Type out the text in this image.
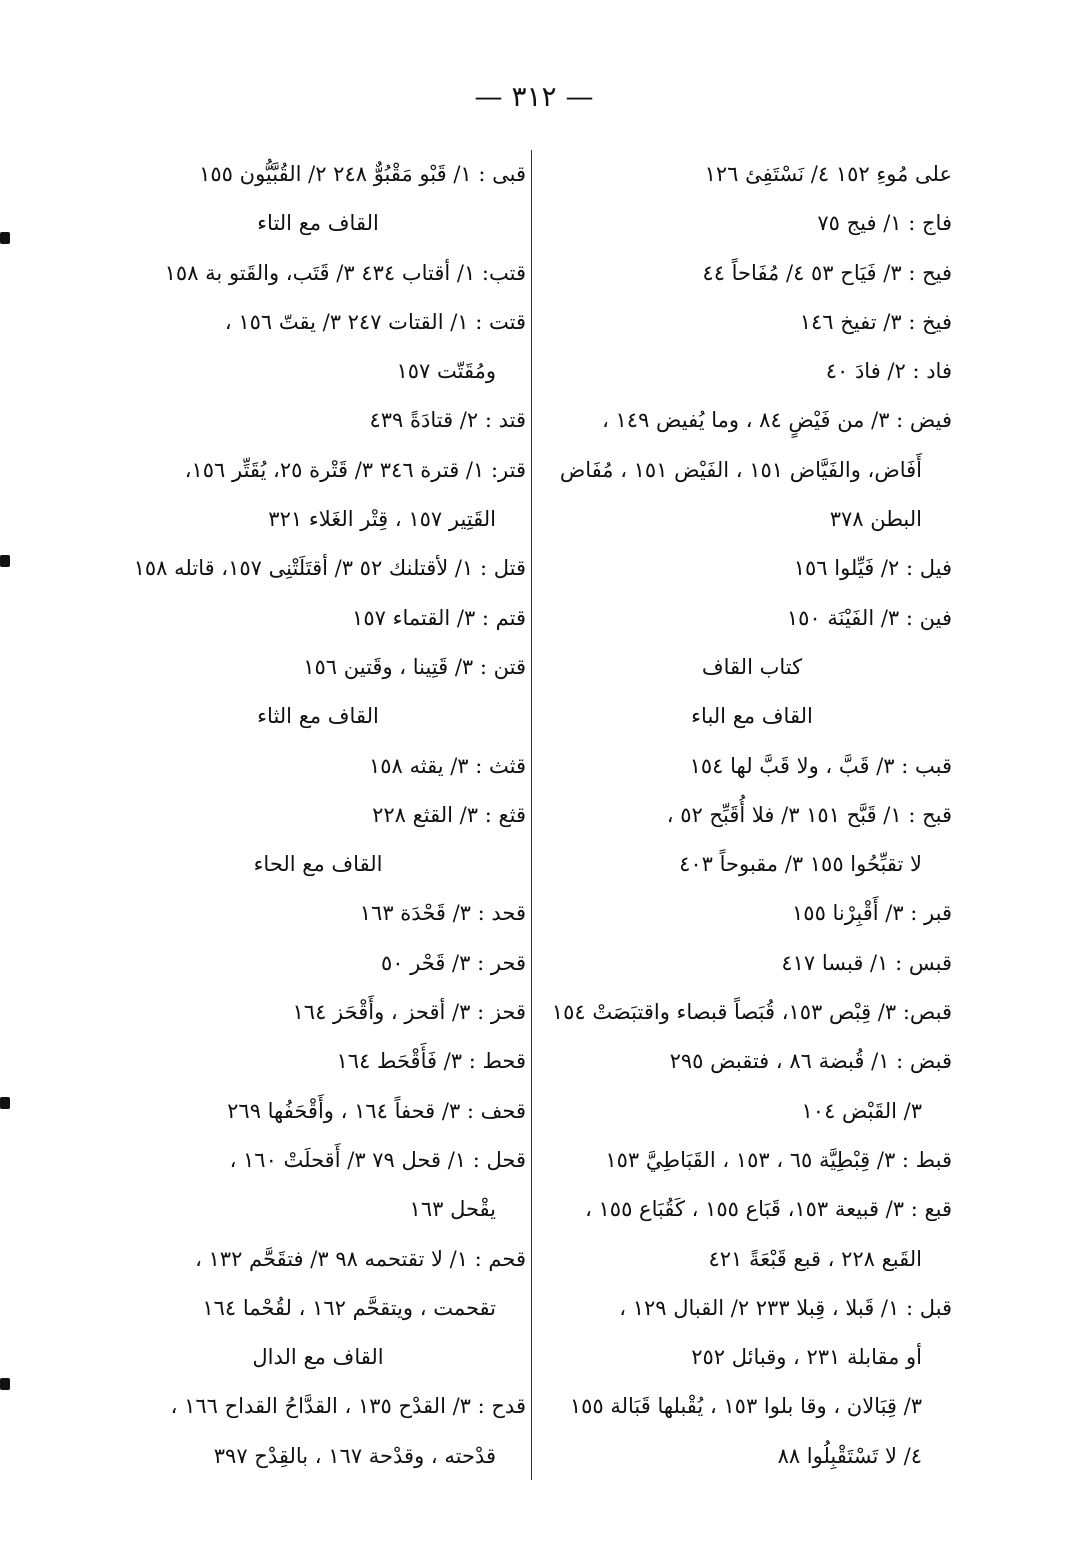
— ٣١٢ —
على مُوءِ ١٥٢ ٤/ نَسْتَفِئ ١٢٦
فاج : ١/ فيج ٧٥
فيح : ٣/ فَيَاح ٥٣ ٤/ مُفَاحاً ٤٤
فيخ : ٣/ تفيخ ١٤٦
فاد : ٢/ فادَ ٤٠
فيض : ٣/ من فَيْضٍ ٨٤ ، وما يُفيض ١٤٩ ،
أَفَاض، والفَيَّاض ١٥١ ، الفَيْض ١٥١ ، مُفَاض
البطن ٣٧٨
فيل : ٢/ فَيِّلوا ١٥٦
فين : ٣/ الفَيْنَة ١٥٠
كتاب القاف
القاف مع الباء
قبب : ٣/ قَبَّ ، ولا قَبَّ لها ١٥٤
قبح : ١/ قَبَّح ١٥١ ٣/ فلا أُقَبِّح ٥٢ ،
لا تقبِّحُوا ١٥٥ ٣/ مقبوحاً ٤٠٣
قبر : ٣/ أَقْبِرْنا ١٥٥
قبس : ١/ قبسا ٤١٧
قبص: ٣/ قِبْص ١٥٣، قُبَصاً قبصاء واقتبَصَتْ ١٥٤
قبض : ١/ قُبضة ٨٦ ، فتقبض ٢٩٥
٣/ القَبْض ١٠٤
قبط : ٣/ قِبْطِيَّة ٦٥ ، ١٥٣ ، القَبَاطِيَّ ١٥٣
قبع : ٣/ قبيعة ١٥٣، قَبَاع ١٥٥ ، كَقُبَاع ١٥٥ ،
القَبع ٢٢٨ ، قبع قَبْعَةً ٤٢١
قبل : ١/ قَبلا ، قِبلا ٢٣٣ ٢/ القبال ١٢٩ ،
أو مقابلة ٢٣١ ، وقبائل ٢٥٢
٣/ قِبَالان ، وقا بلوا ١٥٣ ، يُقْبلها قَبَالة ١٥٥
٤/ لا تَسْتَقْبِلُوا ٨٨
قبى : ١/ قَبْو مَقْبُوٌّ ٢٤٨ ٢/ القُبَّيُّون ١٥٥
القاف مع التاء
قتب: ١/ أقتاب ٤٣٤ ٣/ قَتَب، والقَتو بة ١٥٨
قتت : ١/ القتات ٢٤٧ ٣/ يقتّ ١٥٦ ،
ومُقَتّت ١٥٧
قتد : ٢/ قتادَةً ٤٣٩
قتر: ١/ قترة ٣٤٦ ٣/ قَتْرة ٢٥، يُقَتِّر ١٥٦،
القَتِير ١٥٧ ، قِتْر الغَلاء ٣٢١
قتل : ١/ لأقتلنك ٥٢ ٣/ أقتَلَتْنِى ١٥٧، قاتله ١٥٨
قتم : ٣/ القتماء ١٥٧
قتن : ٣/ قَتِينا ، وقَتين ١٥٦
القاف مع الثاء
قثث : ٣/ يقثه ١٥٨
قثع : ٣/ القثع ٢٢٨
القاف مع الحاء
قحد : ٣/ قَحْدَة ١٦٣
قحر : ٣/ قَحْر ٥٠
قحز : ٣/ أقحز ، وأَقْحَز ١٦٤
قحط : ٣/ فَأَقْحَط ١٦٤
قحف : ٣/ قحفاً ١٦٤ ، وأَقْحَفُها ٢٦٩
قحل : ١/ قحل ٧٩ ٣/ أَقحلَتْ ١٦٠ ،
يقْحل ١٦٣
قحم : ١/ لا تقتحمه ٩٨ ٣/ فتقَحَّم ١٣٢ ،
تقحمت ، ويتقحَّم ١٦٢ ، لقُحْما ١٦٤
القاف مع الدال
قدح : ٣/ القدْح ١٣٥ ، القدَّاحُ القداح ١٦٦ ،
قدْحته ، وقدْحة ١٦٧ ، بالقِدْح ٣٩٧
